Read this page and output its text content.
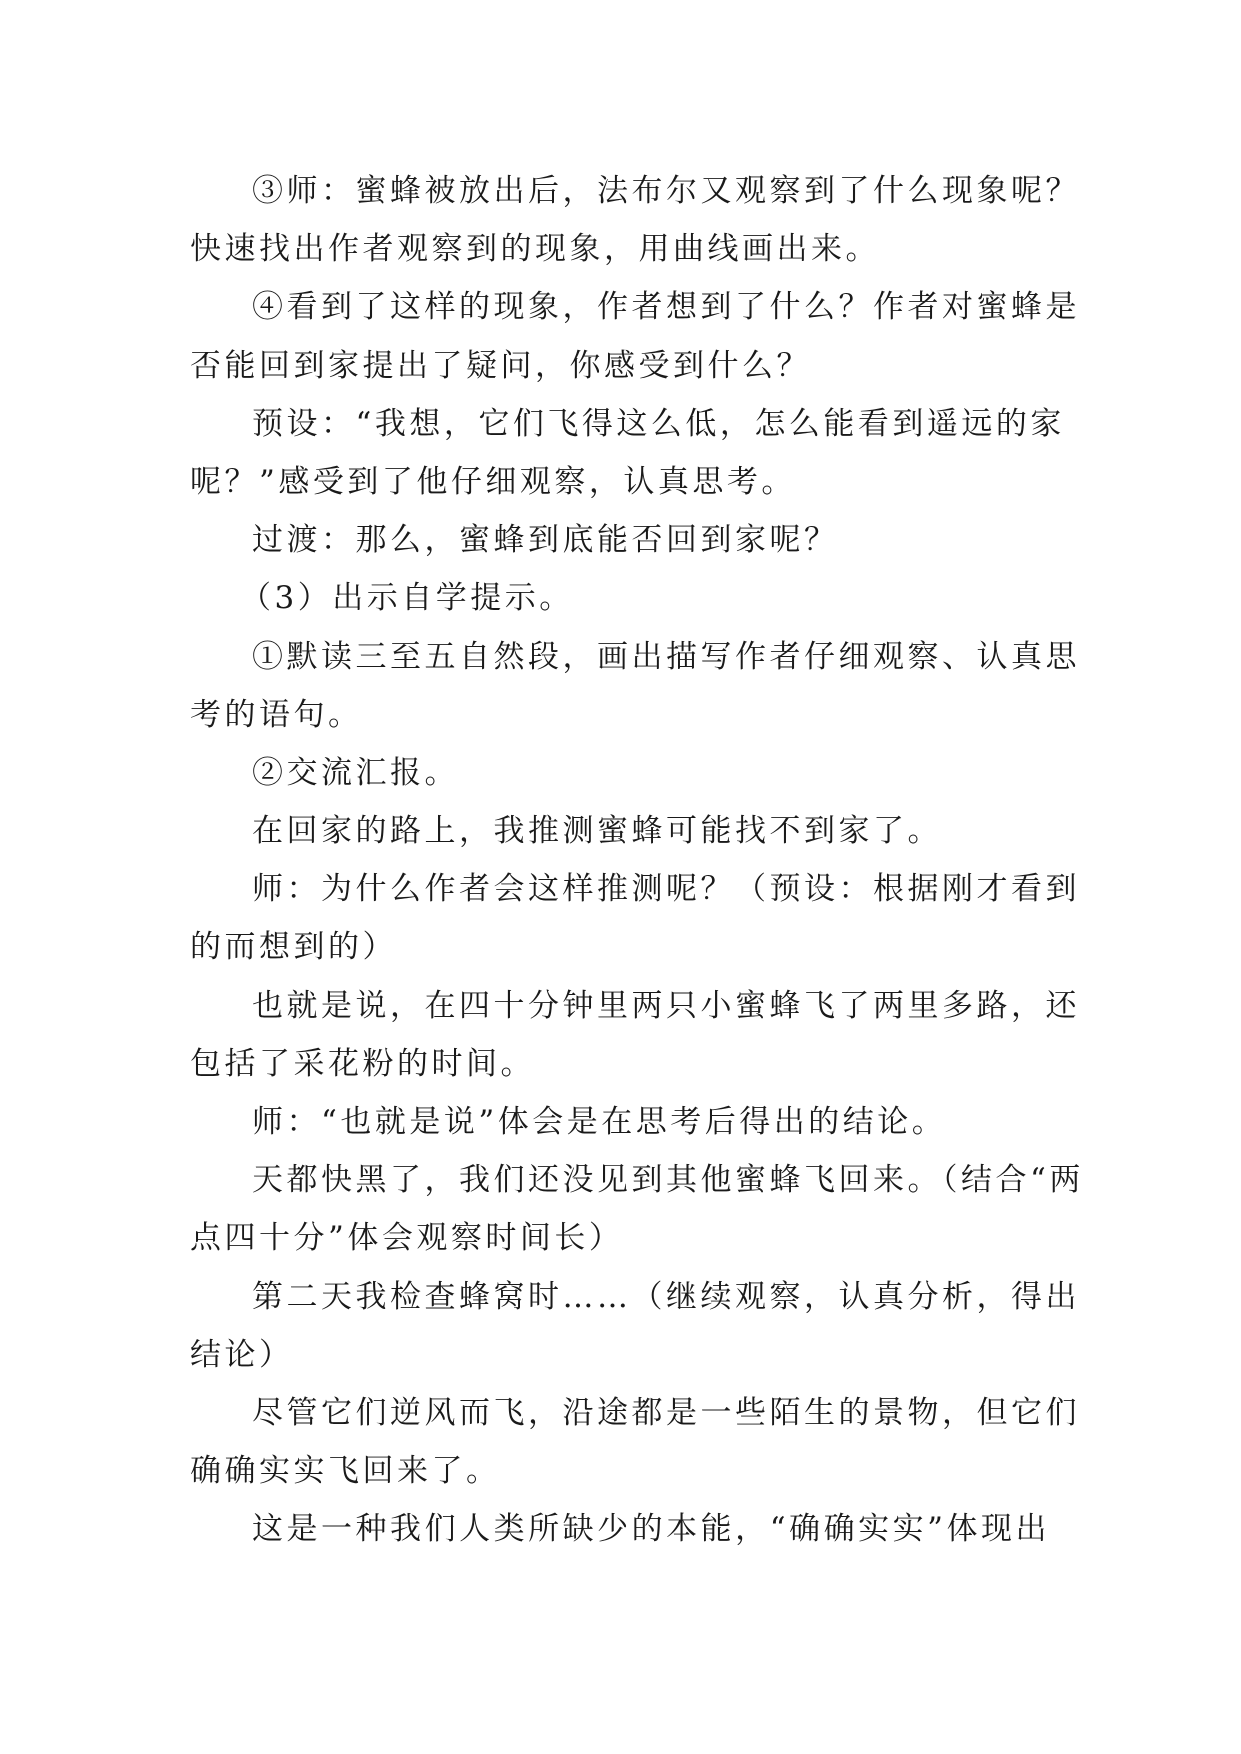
③师：蜜蜂被放出后，法布尔又观察到了什么现象呢？
快速找出作者观察到的现象，用曲线画出来。
④看到了这样的现象，作者想到了什么？作者对蜜蜂是
否能回到家提出了疑问，你感受到什么？
预设：“我想，它们飞得这么低，怎么能看到遥远的家
呢？”感受到了他仔细观察，认真思考。
过渡：那么，蜜蜂到底能否回到家呢？
（3）出示自学提示。
①默读三至五自然段，画出描写作者仔细观察、认真思
考的语句。
②交流汇报。
在回家的路上，我推测蜜蜂可能找不到家了。
师：为什么作者会这样推测呢？（预设：根据刚才看到
的而想到的）
也就是说，在四十分钟里两只小蜜蜂飞了两里多路，还
包括了采花粉的时间。
师：“也就是说”体会是在思考后得出的结论。
天都快黑了，我们还没见到其他蜜蜂飞回来。（结合“两
点四十分”体会观察时间长）
第二天我检查蜂窝时……（继续观察，认真分析，得出
结论）
尽管它们逆风而飞，沿途都是一些陌生的景物，但它们
确确实实飞回来了。
这是一种我们人类所缺少的本能，“确确实实”体现出
